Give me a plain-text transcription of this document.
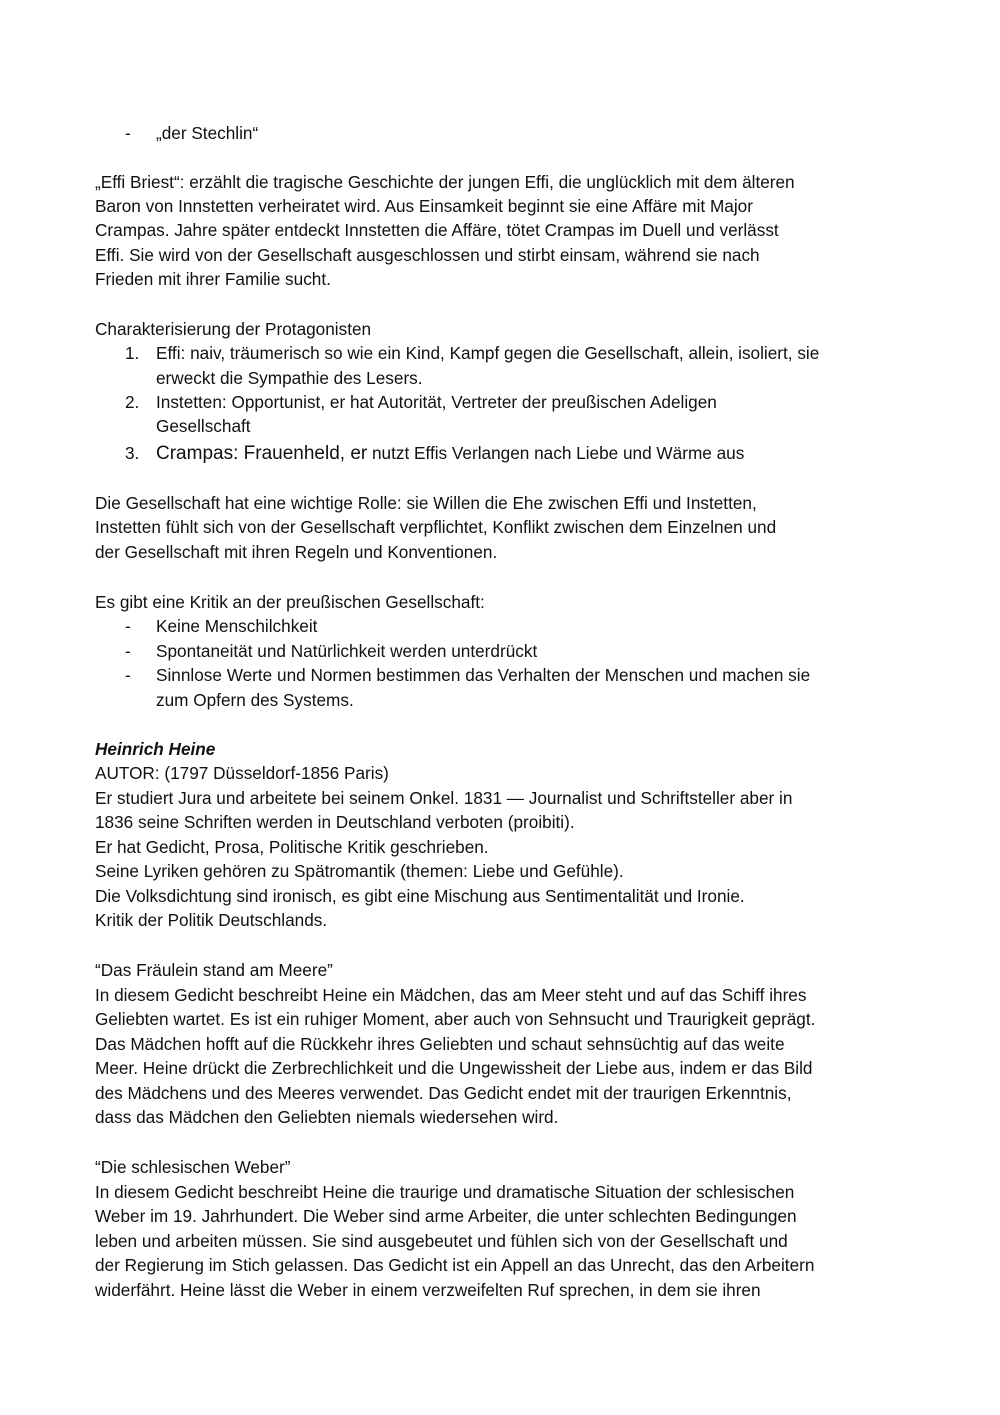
- „der Stechlin“
„Effi Briest“: erzählt die tragische Geschichte der jungen Effi, die unglücklich mit dem älteren
Baron von Innstetten verheiratet wird. Aus Einsamkeit beginnt sie eine Affäre mit Major
Crampas. Jahre später entdeckt Innstetten die Affäre, tötet Crampas im Duell und verlässt
Effi. Sie wird von der Gesellschaft ausgeschlossen und stirbt einsam, während sie nach
Frieden mit ihrer Familie sucht.
Charakterisierung der Protagonisten
1. Effi: naiv, träumerisch so wie ein Kind, Kampf gegen die Gesellschaft, allein, isoliert, sie
erweckt die Sympathie des Lesers.
2. Instetten: Opportunist, er hat Autorität, Vertreter der preußischen Adeligen
Gesellschaft
3. Crampas: Frauenheld, er nutzt Effis Verlangen nach Liebe und Wärme aus
Die Gesellschaft hat eine wichtige Rolle: sie Willen die Ehe zwischen Effi und Instetten,
Instetten fühlt sich von der Gesellschaft verpflichtet, Konflikt zwischen dem Einzelnen und
der Gesellschaft mit ihren Regeln und Konventionen.
Es gibt eine Kritik an der preußischen Gesellschaft:
- Keine Menschilchkeit
- Spontaneität und Natürlichkeit werden unterdrückt
- Sinnlose Werte und Normen bestimmen das Verhalten der Menschen und machen sie
zum Opfern des Systems.
Heinrich Heine
AUTOR: (1797 Düsseldorf-1856 Paris)
Er studiert Jura und arbeitete bei seinem Onkel. 1831 — Journalist und Schriftsteller aber in
1836 seine Schriften werden in Deutschland verboten (proibiti).
Er hat Gedicht, Prosa, Politische Kritik geschrieben.
Seine Lyriken gehören zu Spätromantik (themen: Liebe und Gefühle).
Die Volksdichtung sind ironisch, es gibt eine Mischung aus Sentimentalität und Ironie.
Kritik der Politik Deutschlands.
“Das Fräulein stand am Meere”
In diesem Gedicht beschreibt Heine ein Mädchen, das am Meer steht und auf das Schiff ihres
Geliebten wartet. Es ist ein ruhiger Moment, aber auch von Sehnsucht und Traurigkeit geprägt.
Das Mädchen hofft auf die Rückkehr ihres Geliebten und schaut sehnsüchtig auf das weite
Meer. Heine drückt die Zerbrechlichkeit und die Ungewissheit der Liebe aus, indem er das Bild
des Mädchens und des Meeres verwendet. Das Gedicht endet mit der traurigen Erkenntnis,
dass das Mädchen den Geliebten niemals wiedersehen wird.
“Die schlesischen Weber”
In diesem Gedicht beschreibt Heine die traurige und dramatische Situation der schlesischen
Weber im 19. Jahrhundert. Die Weber sind arme Arbeiter, die unter schlechten Bedingungen
leben und arbeiten müssen. Sie sind ausgebeutet und fühlen sich von der Gesellschaft und
der Regierung im Stich gelassen. Das Gedicht ist ein Appell an das Unrecht, das den Arbeitern
widerfährt. Heine lässt die Weber in einem verzweifelten Ruf sprechen, in dem sie ihren
